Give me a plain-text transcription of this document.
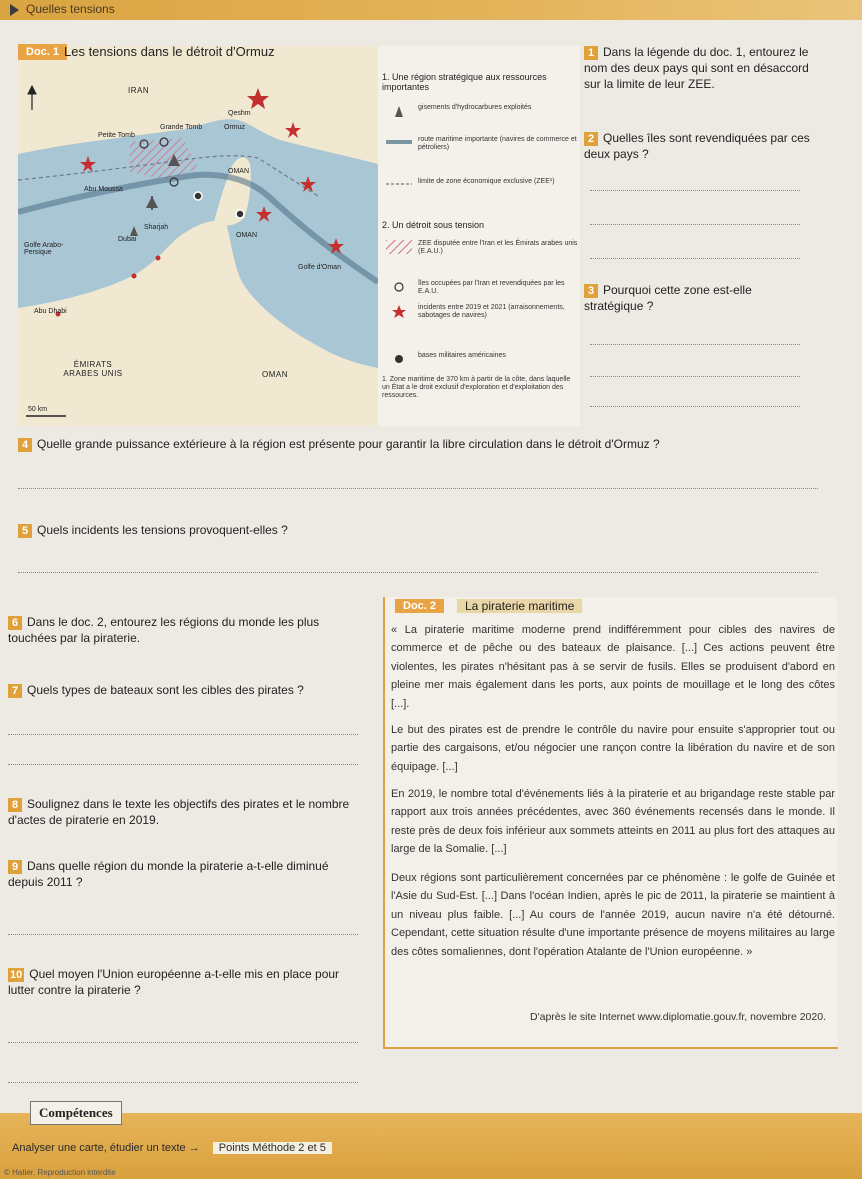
Quelles tensions
IRAN
Qeshm
Ormuz
Petite Tomb
Grande Tomb
Abu Moussa
OMAN
Sharjah
Dubai
OMAN
Golfe Arabo-Persique
Golfe d'Oman
Abu Dhabi
ÉMIRATS ARABES UNIS	OMAN
50 km
Doc. 1 Les tensions dans le détroit d'Ormuz
1. Une région stratégique aux ressources importantes
gisements d'hydrocarbures exploités
route maritime importante (navires de commerce et pétroliers)
limite de zone économique exclusive (ZEE¹)
2. Un détroit sous tension
ZEE disputée entre l'Iran et les Émirats arabes unis (E.A.U.)
îles occupées par l'Iran et revendiquées par les E.A.U.
incidents entre 2019 et 2021 (arraisonnements, sabotages de navires)
bases militaires américaines
1. Zone maritime de 370 km à partir de la côte, dans laquelle un État a le droit exclusif d'exploration et d'exploitation des ressources.
1 Dans la légende du doc. 1, entourez le nom des deux pays qui sont en désaccord sur la limite de leur ZEE.
2 Quelles îles sont revendiquées par ces deux pays ?
3 Pourquoi cette zone est-elle stratégique ?
4 Quelle grande puissance extérieure à la région est présente pour garantir la libre circulation dans le détroit d'Ormuz ?
5 Quels incidents les tensions provoquent-elles ?
6 Dans le doc. 2, entourez les régions du monde les plus touchées par la piraterie.
7 Quels types de bateaux sont les cibles des pirates ?
8 Soulignez dans le texte les objectifs des pirates et le nombre d'actes de piraterie en 2019.
9 Dans quelle région du monde la piraterie a-t-elle diminué depuis 2011 ?
10 Quel moyen l'Union européenne a-t-elle mis en place pour lutter contre la piraterie ?
Doc. 2	La piraterie maritime

« La piraterie maritime moderne prend indifféremment pour cibles des navires de commerce et de pêche ou des bateaux de plaisance. [...] Ces actions peuvent être violentes, les pirates n'hésitant pas à se servir de fusils. Elles se produisent d'abord en pleine mer mais également dans les ports, aux points de mouillage et le long des côtes [...].

Le but des pirates est de prendre le contrôle du navire pour ensuite s'approprier tout ou partie des cargaisons, et/ou négocier une rançon contre la libération du navire et de son équipage. [...]

En 2019, le nombre total d'événements liés à la piraterie et au brigandage reste stable par rapport aux trois années précédentes, avec 360 événements recensés dans le monde. Il reste près de deux fois inférieur aux sommets atteints en 2011 au plus fort des attaques au large de la Somalie. [...]

Deux régions sont particulièrement concernées par ce phénomène : le golfe de Guinée et l'Asie du Sud-Est. [...] Dans l'océan Indien, après le pic de 2011, la piraterie se maintient à un niveau plus faible. [...] Au cours de l'année 2019, aucun navire n'a été détourné. Cependant, cette situation résulte d'une importante présence de moyens militaires au large des côtes somaliennes, dont l'opération Atalante de l'Union européenne. »

D'après le site Internet www.diplomatie.gouv.fr, novembre 2020.
Compétences
Analyser une carte, étudier un texte → Points Méthode 2 et 5
© Hatier. Reproduction interdite
